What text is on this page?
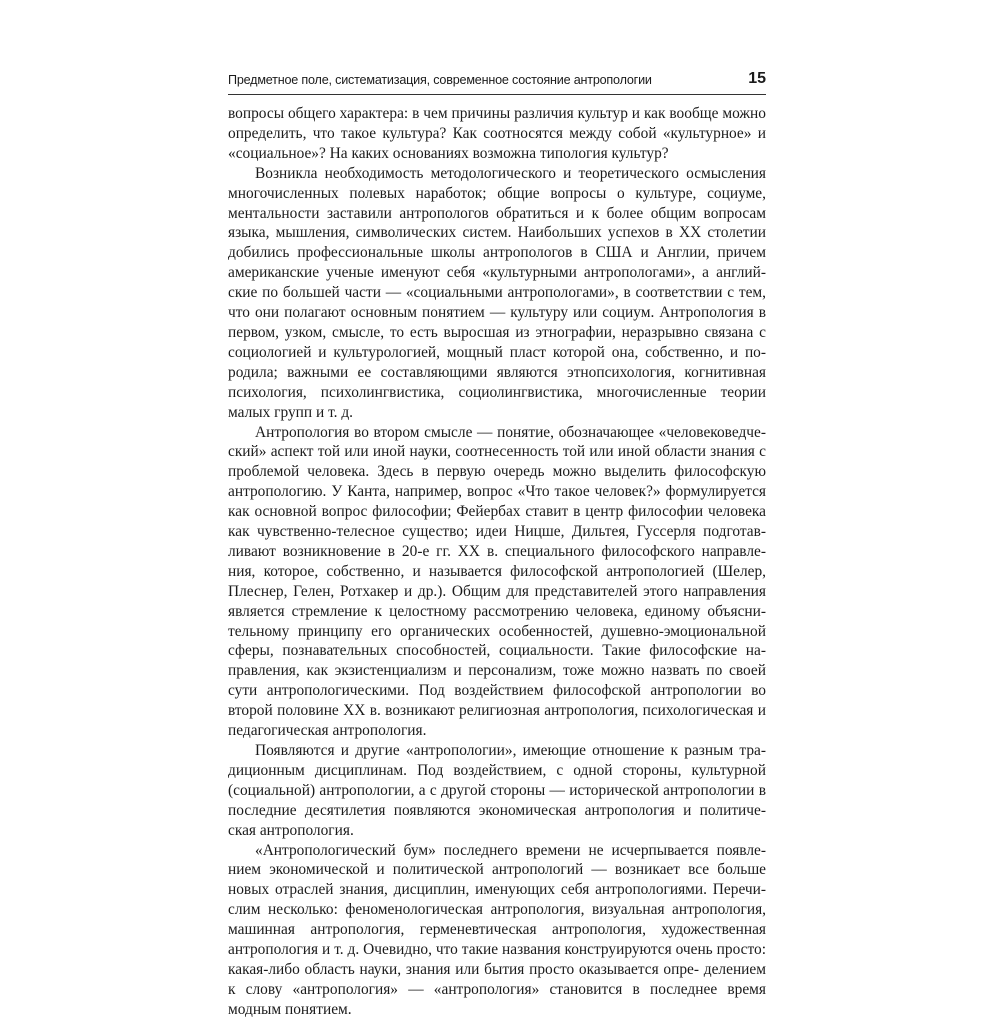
Предметное поле, систематизация, современное состояние антропологии	15

вопросы общего характера: в чем причины различия культур и как вообще можно определить, что такое культура? Как соотносятся между собой «культурное» и «социальное»? На каких основаниях возможна типология культур?

Возникла необходимость методологического и теоретического осмысления многочисленных полевых наработок; общие вопросы о культуре, социуме, ментальности заставили антропологов обратиться и к более общим вопросам языка, мышления, символических систем. Наибольших успехов в XX столетии добились профессиональные школы антропологов в США и Англии, причем американские ученые именуют себя «культурными антропологами», а англий- ские по большей части — «социальными антропологами», в соответствии с тем, что они полагают основным понятием — культуру или социум. Антропология в первом, узком, смысле, то есть выросшая из этнографии, неразрывно связана с социологией и культурологией, мощный пласт которой она, собственно, и по- родила; важными ее составляющими являются этнопсихология, когнитивная психология, психолингвистика, социолингвистика, многочисленные теории малых групп и т. д.

Антропология во втором смысле — понятие, обозначающее «человековедче- ский» аспект той или иной науки, соотнесенность той или иной области знания с проблемой человека. Здесь в первую очередь можно выделить философскую антропологию. У Канта, например, вопрос «Что такое человек?» формулируется как основной вопрос философии; Фейербах ставит в центр философии человека как чувственно-телесное существо; идеи Ницше, Дильтея, Гуссерля подготав- ливают возникновение в 20-е гг. XX в. специального философского направле- ния, которое, собственно, и называется философской антропологией (Шелер, Плеснер, Гелен, Ротхакер и др.). Общим для представителей этого направления является стремление к целостному рассмотрению человека, единому объясни- тельному принципу его органических особенностей, душевно-эмоциональной сферы, познавательных способностей, социальности. Такие философские на- правления, как экзистенциализм и персонализм, тоже можно назвать по своей сути антропологическими. Под воздействием философской антропологии во второй половине XX в. возникают религиозная антропология, психологическая и педагогическая антропология.

Появляются и другие «антропологии», имеющие отношение к разным тра- диционным дисциплинам. Под воздействием, с одной стороны, культурной (социальной) антропологии, а с другой стороны — исторической антропологии в последние десятилетия появляются экономическая антропология и политиче- ская антропология.

«Антропологический бум» последнего времени не исчерпывается появле- нием экономической и политической антропологий — возникает все больше новых отраслей знания, дисциплин, именующих себя антропологиями. Перечи- слим несколько: феноменологическая антропология, визуальная антропология, машинная антропология, герменевтическая антропология, художественная антропология и т. д. Очевидно, что такие названия конструируются очень просто: какая-либо область науки, знания или бытия просто оказывается опре- делением к слову «антропология» — «антропология» становится в последнее время модным понятием.
